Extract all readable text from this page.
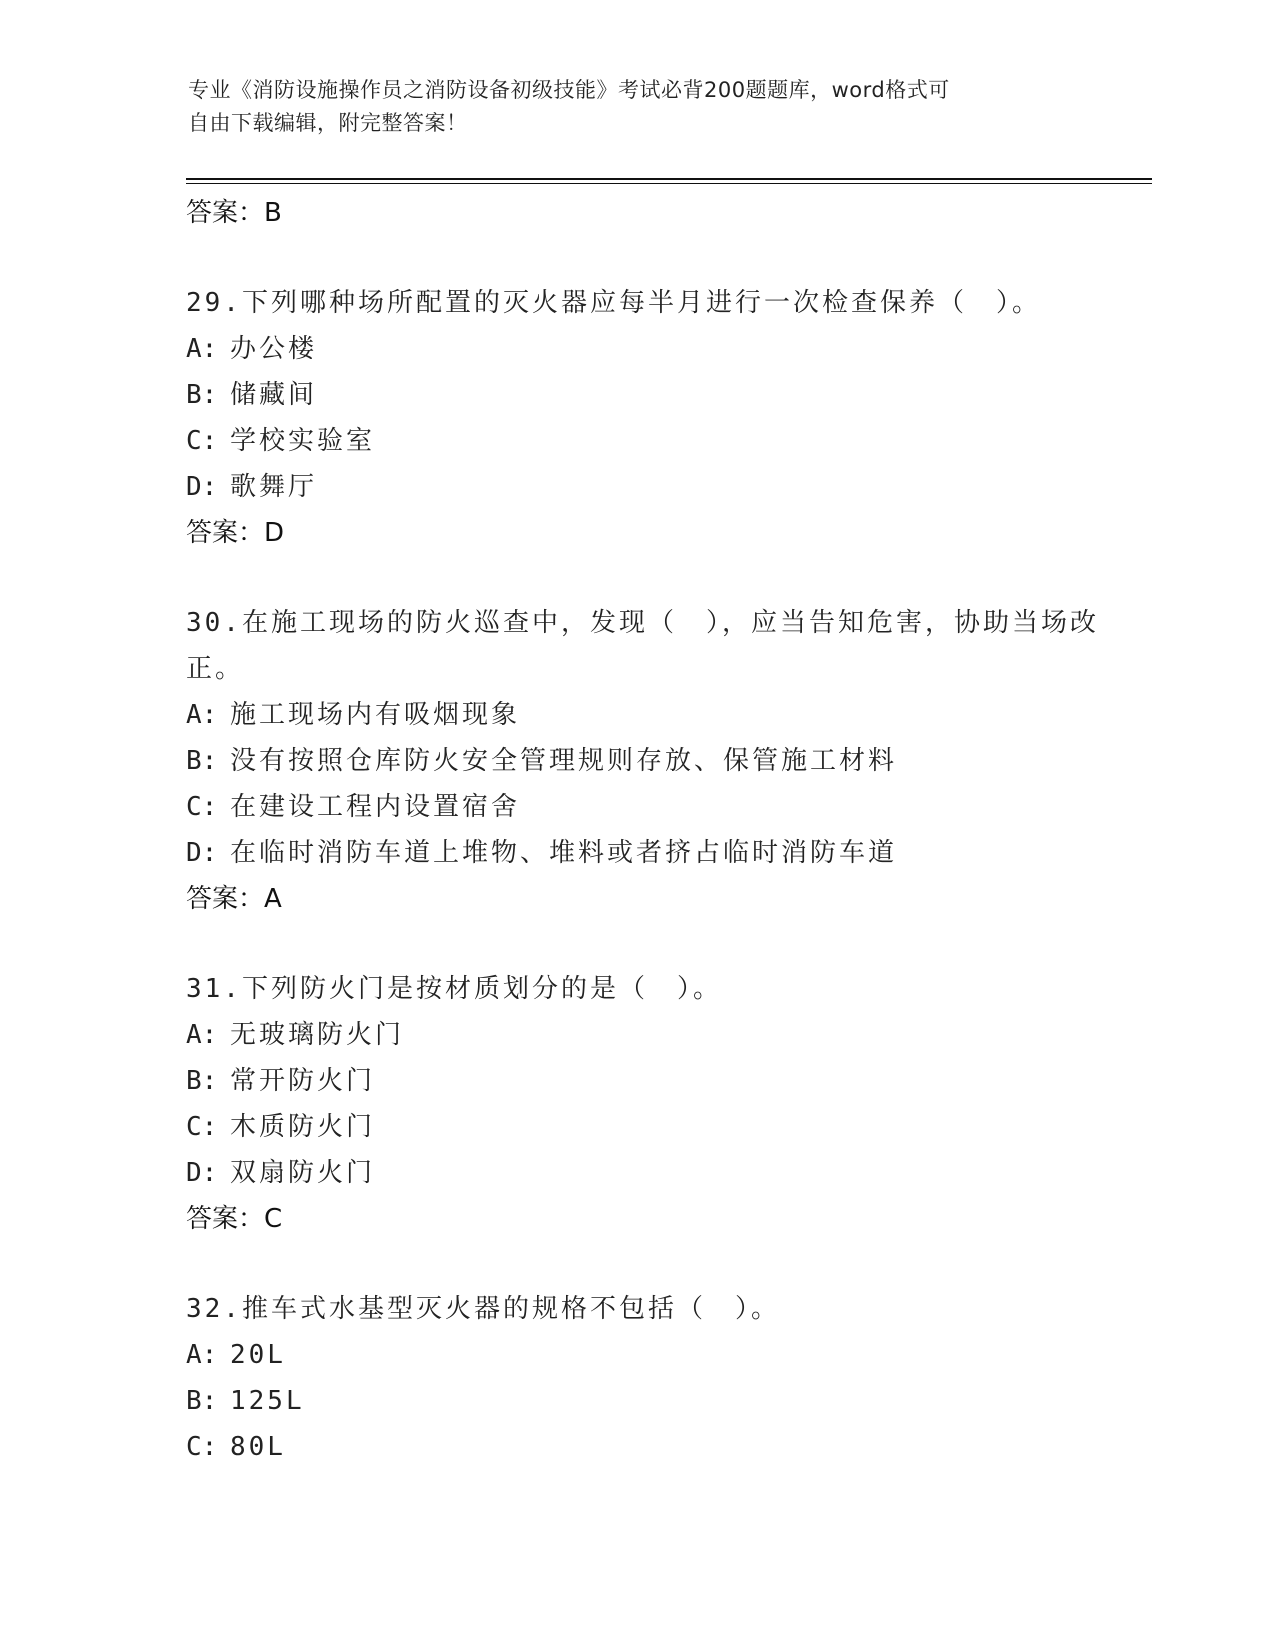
专业《消防设施操作员之消防设备初级技能》考试必背200题题库，word格式可
自由下载编辑，附完整答案！
答案：B
29.下列哪种场所配置的灭火器应每半月进行一次检查保养（　）。
A: 办公楼
B: 储藏间
C: 学校实验室
D: 歌舞厅
答案：D
30.在施工现场的防火巡查中，发现（　），应当告知危害，协助当场改正。
A: 施工现场内有吸烟现象
B: 没有按照仓库防火安全管理规则存放、保管施工材料
C: 在建设工程内设置宿舍
D: 在临时消防车道上堆物、堆料或者挤占临时消防车道
答案：A
31.下列防火门是按材质划分的是（　）。
A: 无玻璃防火门
B: 常开防火门
C: 木质防火门
D: 双扇防火门
答案：C
32.推车式水基型灭火器的规格不包括（　）。
A: 20L
B: 125L
C: 80L
